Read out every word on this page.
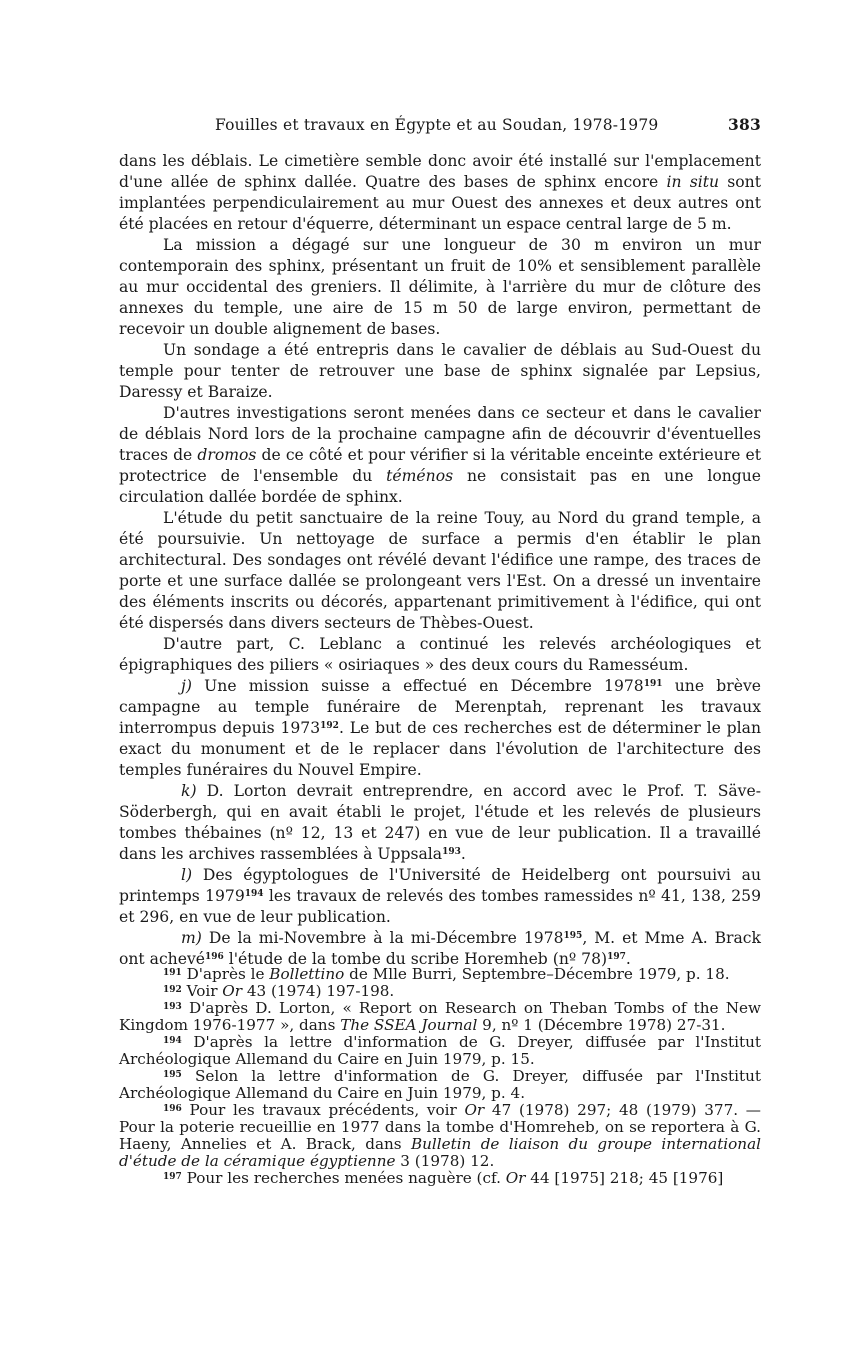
Fouilles et travaux en Égypte et au Soudan, 1978-1979	383

dans les déblais. Le cimetière semble donc avoir été installé sur l'emplacement d'une allée de sphinx dallée. Quatre des bases de sphinx encore in situ sont implantées perpendiculairement au mur Ouest des annexes et deux autres ont été placées en retour d'équerre, déterminant un espace central large de 5 m.

La mission a dégagé sur une longueur de 30 m environ un mur contemporain des sphinx, présentant un fruit de 10% et sensiblement parallèle au mur occidental des greniers. Il délimite, à l'arrière du mur de clôture des annexes du temple, une aire de 15 m 50 de large environ, permettant de recevoir un double alignement de bases.

Un sondage a été entrepris dans le cavalier de déblais au Sud-Ouest du temple pour tenter de retrouver une base de sphinx signalée par Lepsius, Daressy et Baraize.

D'autres investigations seront menées dans ce secteur et dans le cavalier de déblais Nord lors de la prochaine campagne afin de découvrir d'éventuelles traces de dromos de ce côté et pour vérifier si la véritable enceinte extérieure et protectrice de l'ensemble du téménos ne consistait pas en une longue circulation dallée bordée de sphinx.

L'étude du petit sanctuaire de la reine Touy, au Nord du grand temple, a été poursuivie. Un nettoyage de surface a permis d'en établir le plan architectural. Des sondages ont révélé devant l'édifice une rampe, des traces de porte et une surface dallée se prolongeant vers l'Est. On a dressé un inventaire des éléments inscrits ou décorés, appartenant primitivement à l'édifice, qui ont été dispersés dans divers secteurs de Thèbes-Ouest.

D'autre part, C. Leblanc a continué les relevés archéologiques et épigraphiques des piliers « osiriaques » des deux cours du Ramesséum.

j) Une mission suisse a effectué en Décembre 1978$^{191}$ une brève campagne au temple funéraire de Merenptah, reprenant les travaux interrompus depuis 1973$^{192}$. Le but de ces recherches est de déterminer le plan exact du monument et de le replacer dans l'évolution de l'architecture des temples funéraires du Nouvel Empire.

k) D. Lorton devrait entreprendre, en accord avec le Prof. T. Säve-Söderbergh, qui en avait établi le projet, l'étude et les relevés de plusieurs tombes thébaines (nº 12, 13 et 247) en vue de leur publication. Il a travaillé dans les archives rassemblées à Uppsala$^{193}$.

l) Des égyptologues de l'Université de Heidelberg ont poursuivi au printemps 1979$^{194}$ les travaux de relevés des tombes ramessides nº 41, 138, 259 et 296, en vue de leur publication.

m) De la mi-Novembre à la mi-Décembre 1978$^{195}$, M. et Mme A. Brack ont achevé$^{196}$ l'étude de la tombe du scribe Horemheb (nº 78)$^{197}$.

$^{191}$ D'après le Bollettino de Mlle Burri, Septembre–Décembre 1979, p. 18.

$^{192}$ Voir Or 43 (1974) 197-198.

$^{193}$ D'après D. Lorton, « Report on Research on Theban Tombs of the New Kingdom 1976-1977 », dans The SSEA Journal 9, nº 1 (Décembre 1978) 27-31.

$^{194}$ D'après la lettre d'information de G. Dreyer, diffusée par l'Institut Archéologique Allemand du Caire en Juin 1979, p. 15.

$^{195}$ Selon la lettre d'information de G. Dreyer, diffusée par l'Institut Archéologique Allemand du Caire en Juin 1979, p. 4.

$^{196}$ Pour les travaux précédents, voir Or 47 (1978) 297; 48 (1979) 377. — Pour la poterie recueillie en 1977 dans la tombe d'Homreheb, on se reportera à G. Haeny, Annelies et A. Brack, dans Bulletin de liaison du groupe international d'étude de la céramique égyptienne 3 (1978) 12.

$^{197}$ Pour les recherches menées naguère (cf. Or 44 [1975] 218; 45 [1976]
